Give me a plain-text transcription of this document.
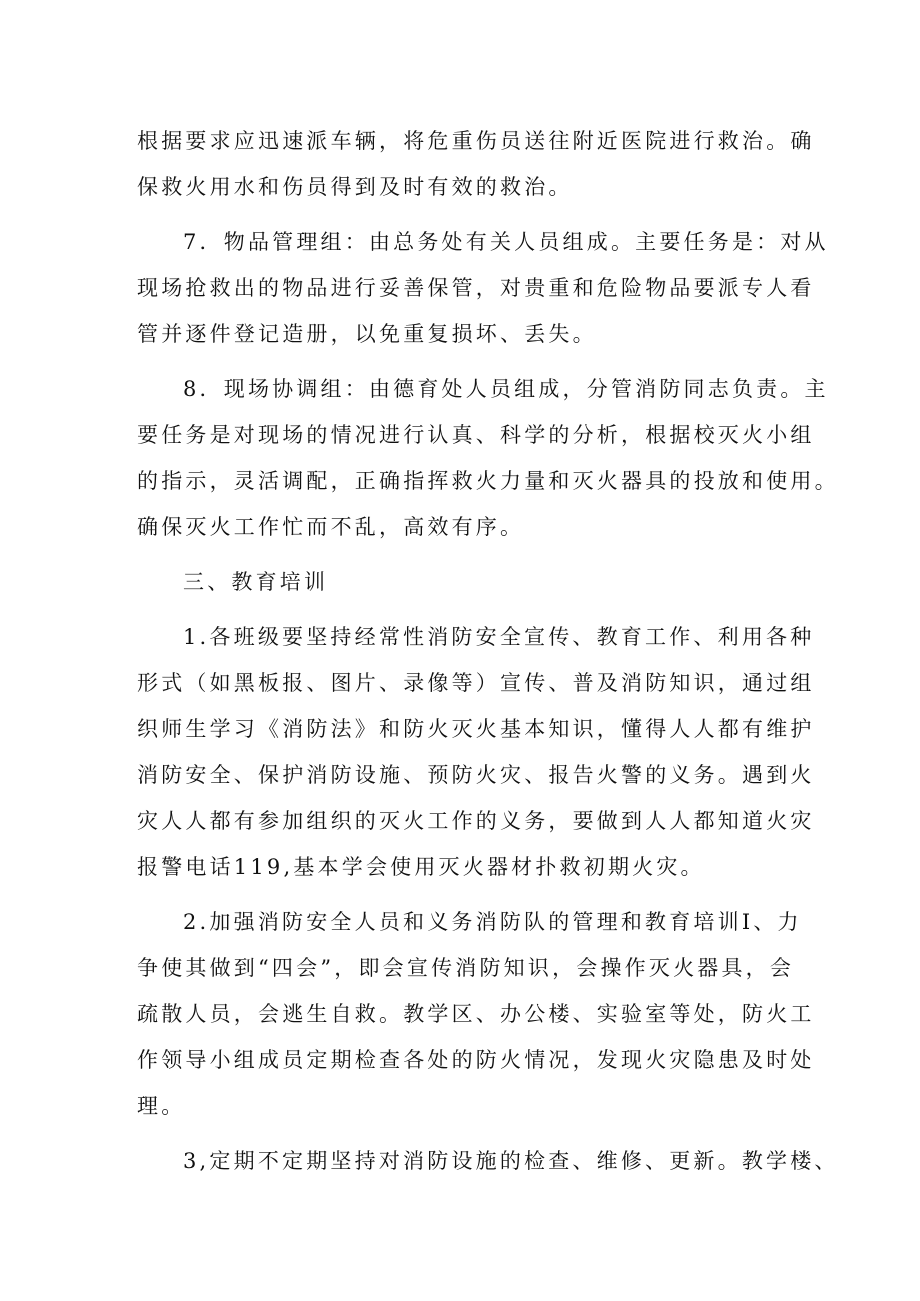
根据要求应迅速派车辆，将危重伤员送往附近医院进行救治。确
保救火用水和伤员得到及时有效的救治。
7．物品管理组：由总务处有关人员组成。主要任务是：对从
现场抢救出的物品进行妥善保管，对贵重和危险物品要派专人看
管并逐件登记造册，以免重复损坏、丢失。
8．现场协调组：由德育处人员组成，分管消防同志负责。主
要任务是对现场的情况进行认真、科学的分析，根据校灭火小组
的指示，灵活调配，正确指挥救火力量和灭火器具的投放和使用。
确保灭火工作忙而不乱，高效有序。
三、教育培训
1.各班级要坚持经常性消防安全宣传、教育工作、利用各种
形式（如黑板报、图片、录像等）宣传、普及消防知识，通过组
织师生学习《消防法》和防火灭火基本知识，懂得人人都有维护
消防安全、保护消防设施、预防火灾、报告火警的义务。遇到火
灾人人都有参加组织的灭火工作的义务，要做到人人都知道火灾
报警电话119,基本学会使用灭火器材扑救初期火灾。
2.加强消防安全人员和义务消防队的管理和教育培训I、力
争使其做到“四会”，即会宣传消防知识，会操作灭火器具，会
疏散人员，会逃生自救。教学区、办公楼、实验室等处，防火工
作领导小组成员定期检查各处的防火情况，发现火灾隐患及时处
理。
3,定期不定期坚持对消防设施的检查、维修、更新。教学楼、
